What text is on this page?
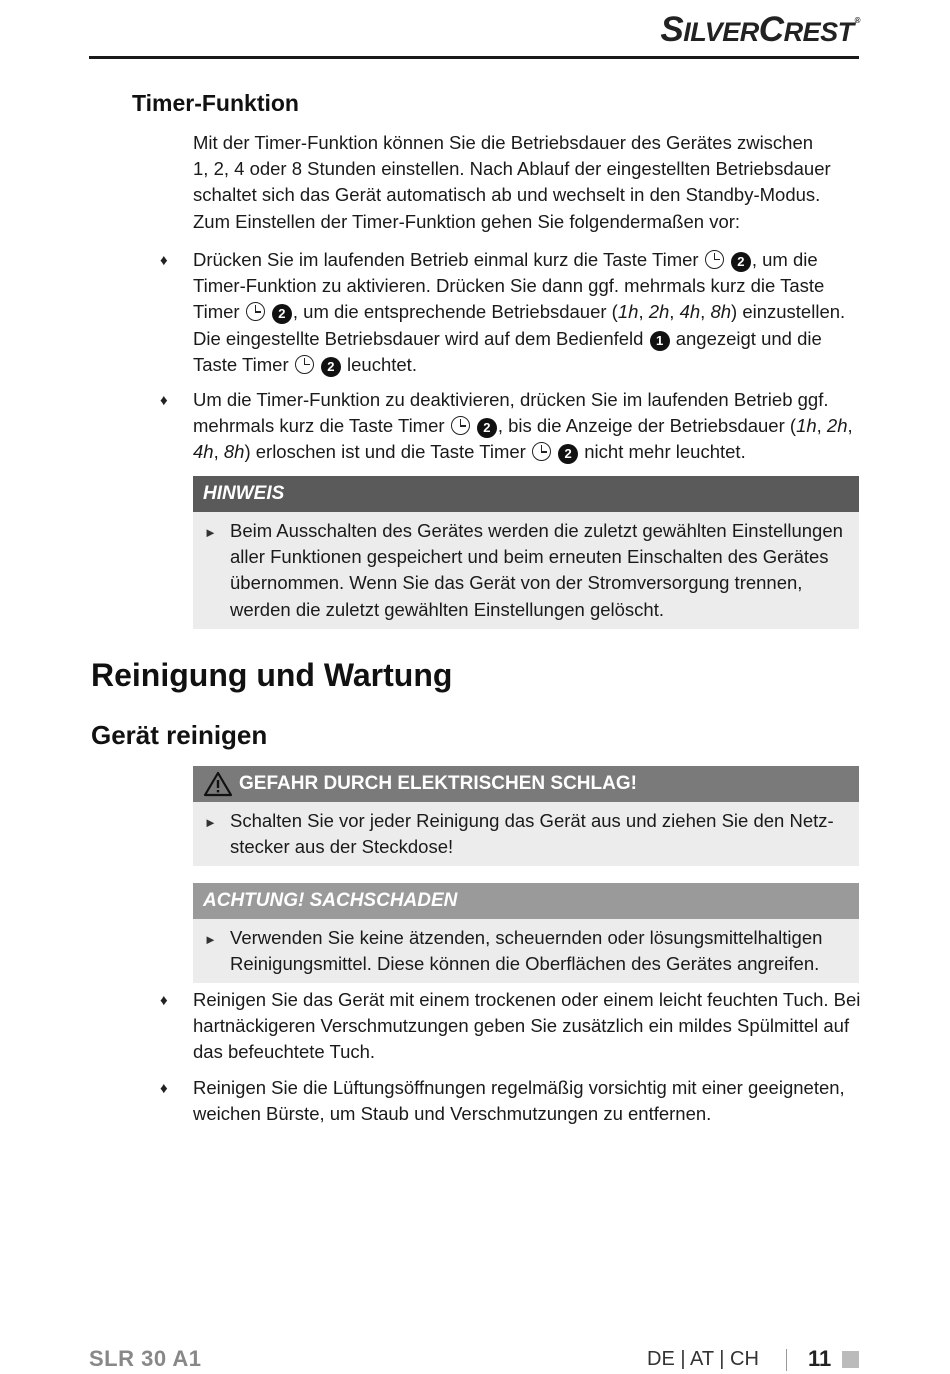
SILVERCREST®
Timer-Funktion
Mit der Timer-Funktion können Sie die Betriebsdauer des Gerätes zwischen
1, 2, 4 oder 8 Stunden einstellen. Nach Ablauf der eingestellten Betriebsdauer
schaltet sich das Gerät automatisch ab und wechselt in den Standby-Modus.
Zum Einstellen der Timer-Funktion gehen Sie folgendermaßen vor:
♦ Drücken Sie im laufenden Betrieb einmal kurz die Taste Timer	2 , um die
Timer-Funktion zu aktivieren. Drücken Sie dann ggf. mehrmals kurz die Taste
Timer	2 , um die entsprechende Betriebsdauer (1h, 2h, 4h, 8h) einzustellen.
Die eingestellte Betriebsdauer wird auf dem Bedienfeld 1 angezeigt und die
Taste Timer	2 leuchtet.
♦ Um die Timer-Funktion zu deaktivieren, drücken Sie im laufenden Betrieb ggf.
mehrmals kurz die Taste Timer	2 , bis die Anzeige der Betriebsdauer (1h, 2h,
4h, 8h) erloschen ist und die Taste Timer	2 nicht mehr leuchtet.
HINWEIS
► Beim Ausschalten des Gerätes werden die zuletzt gewählten Einstellungen
aller Funktionen gespeichert und beim erneuten Einschalten des Gerätes
übernommen. Wenn Sie das Gerät von der Stromversorgung trennen,
werden die zuletzt gewählten Einstellungen gelöscht.
Reinigung und Wartung
Gerät reinigen
GEFAHR DURCH ELEKTRISCHEN SCHLAG!
► Schalten Sie vor jeder Reinigung das Gerät aus und ziehen Sie den Netz-
stecker aus der Steckdose!
ACHTUNG! SACHSCHADEN
► Verwenden Sie keine ätzenden, scheuernden oder lösungsmittelhaltigen
Reinigungsmittel. Diese können die Oberflächen des Gerätes angreifen.
♦ Reinigen Sie das Gerät mit einem trockenen oder einem leicht feuchten Tuch. Bei
hartnäckigeren Verschmutzungen geben Sie zusätzlich ein mildes Spülmittel auf
das befeuchtete Tuch.
♦ Reinigen Sie die Lüftungsöffnungen regelmäßig vorsichtig mit einer geeigneten,
weichen Bürste, um Staub und Verschmutzungen zu entfernen.
SLR 30 A1	DE | AT | CH 11
